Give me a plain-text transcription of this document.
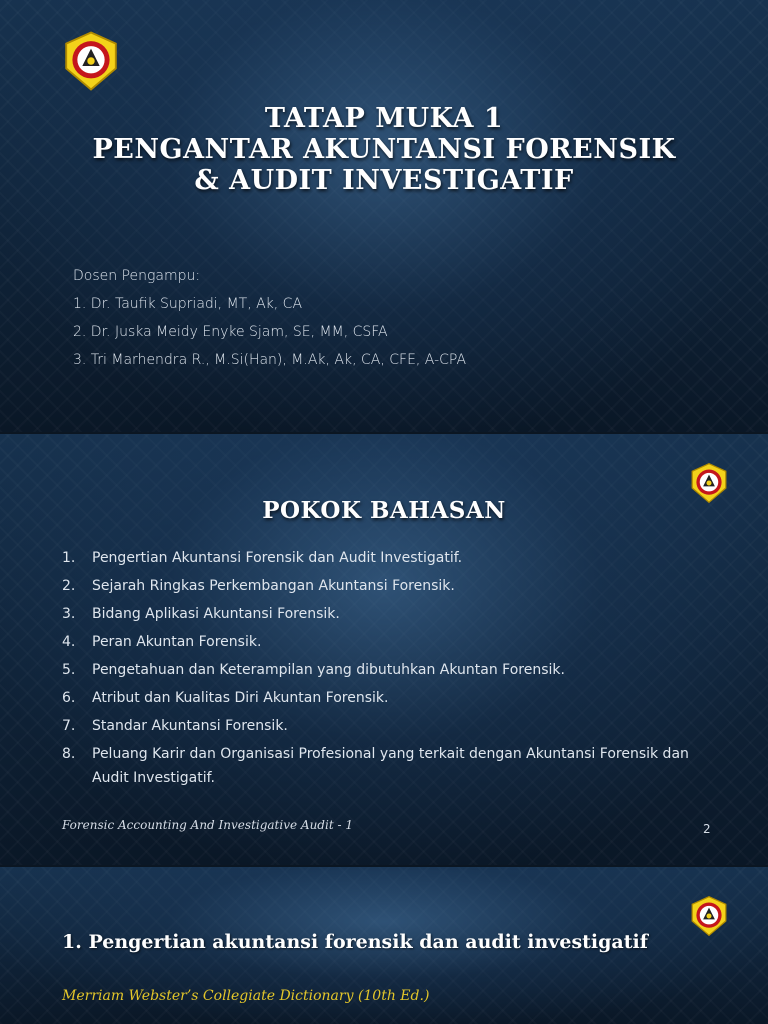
TATAP MUKA 1
PENGANTAR AKUNTANSI FORENSIK
& AUDIT INVESTIGATIF
Dosen Pengampu:
1. Dr. Taufik Supriadi, MT, Ak, CA
2. Dr. Juska Meidy Enyke Sjam, SE, MM, CSFA
3. Tri Marhendra R., M.Si(Han), M.Ak, Ak, CA, CFE, A-CPA
POKOK BAHASAN
1.	Pengertian Akuntansi Forensik dan Audit Investigatif.
2.	Sejarah Ringkas Perkembangan Akuntansi Forensik.
3.	Bidang Aplikasi Akuntansi Forensik.
4.	Peran Akuntan Forensik.
5.	Pengetahuan dan Keterampilan yang dibutuhkan Akuntan Forensik.
6.	Atribut dan Kualitas Diri Akuntan Forensik.
7.	Standar Akuntansi Forensik.
8.	Peluang Karir dan Organisasi Profesional yang terkait dengan Akuntansi Forensik dan Audit Investigatif.
Forensic Accounting And Investigative Audit - 1	2
1. Pengertian akuntansi forensik dan audit investigatif
Merriam Webster’s Collegiate Dictionary (10th Ed.)
